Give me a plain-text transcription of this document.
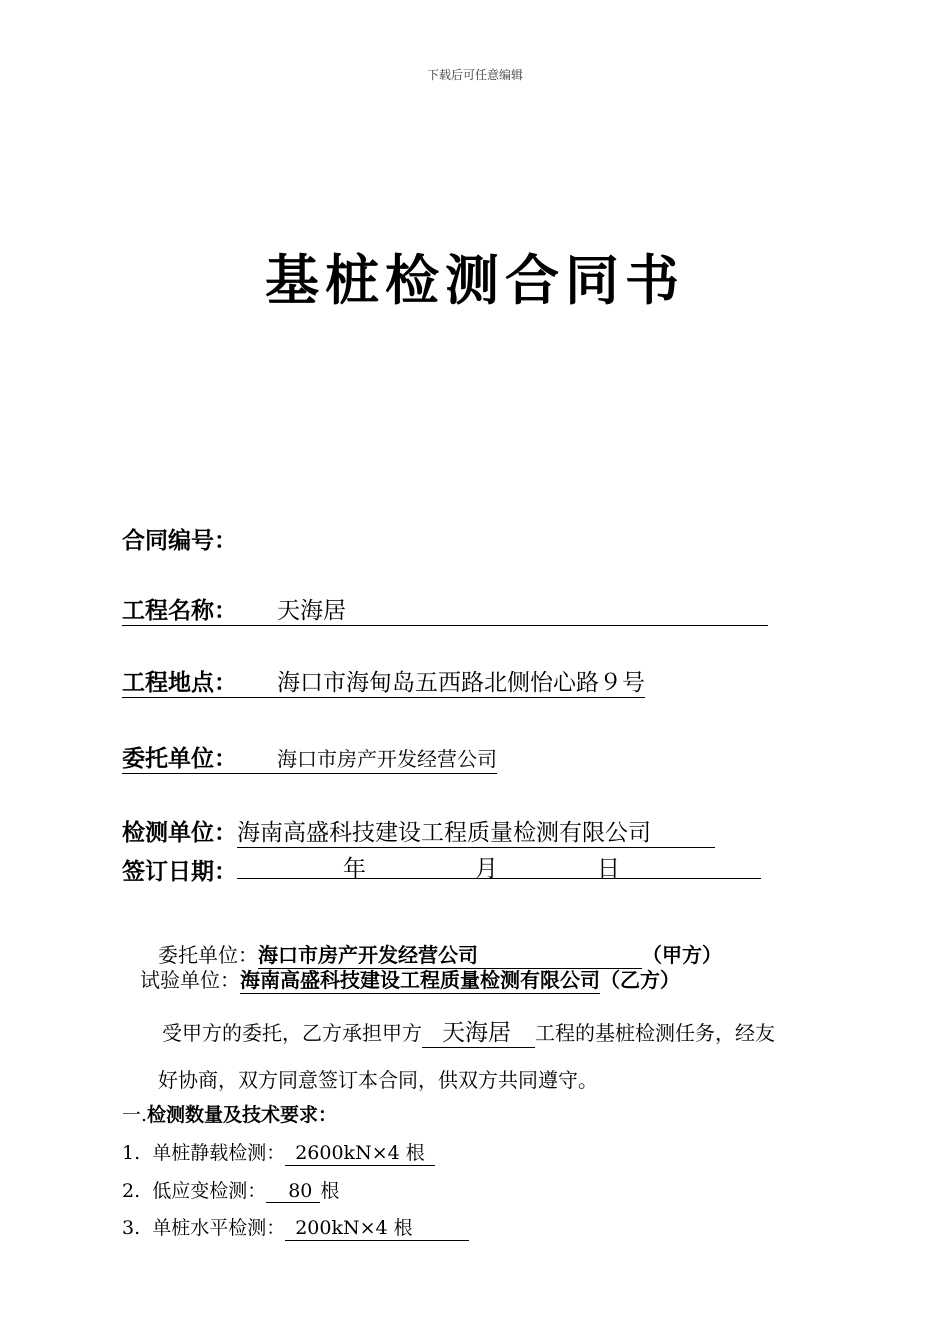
下载后可任意编辑
基桩检测合同书
合同编号：
工程名称： 天海居
工程地点： 海口市海甸岛五西路北侧怡心路９号
委托单位： 海口市房产开发经营公司
检测单位：海南高盛科技建设工程质量检测有限公司
签订日期：	年	月	日
委托单位：海口市房产开发经营公司	（甲方）
试验单位：海南高盛科技建设工程质量检测有限公司（乙方）
受甲方的委托，乙方承担甲方 天海居 工程的基桩检测任务，经友
好协商，双方同意签订本合同，供双方共同遵守。
一.检测数量及技术要求：
1. 单桩静载检测： 2600kN×4 根
2. 低应变检测： 80 根
3. 单桩水平检测： 200kN×4 根
